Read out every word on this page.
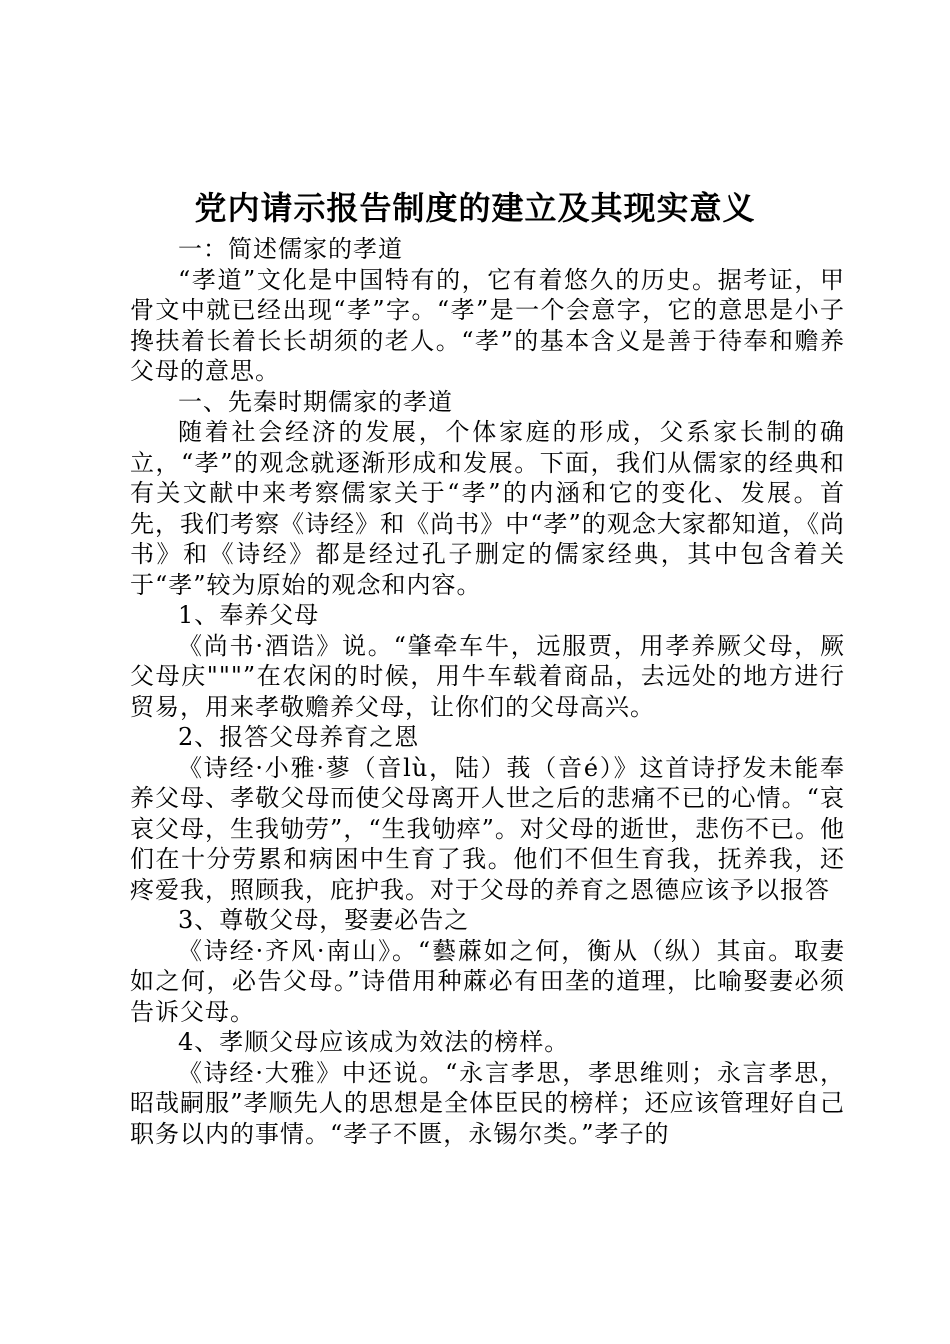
党内请示报告制度的建立及其现实意义

一：简述儒家的孝道

“孝道”文化是中国特有的，它有着悠久的历史。据考证，甲骨文中就已经出现“孝”字。“孝”是一个会意字，它的意思是小子搀扶着长着长长胡须的老人。“孝”的基本含义是善于待奉和赡养父母的意思。

一、先秦时期儒家的孝道

随着社会经济的发展，个体家庭的形成，父系家长制的确立，“孝”的观念就逐渐形成和发展。下面，我们从儒家的经典和有关文献中来考察儒家关于“孝”的内涵和它的变化、发展。首先，我们考察《诗经》和《尚书》中“孝”的观念大家都知道，《尚书》和《诗经》都是经过孔子删定的儒家经典，其中包含着关于“孝”较为原始的观念和内容。

1、奉养父母

《尚书·酒诰》说。“肇牵车牛，远服贾，用孝养厥父母，厥父母庆"""”在农闲的时候，用牛车载着商品，去远处的地方进行贸易，用来孝敬赡养父母，让你们的父母高兴。

2、报答父母养育之恩

《诗经·小雅·蓼（音lù，陆）莪（音é）》这首诗抒发未能奉养父母、孝敬父母而使父母离开人世之后的悲痛不已的心情。“哀哀父母，生我劬劳”，“生我劬瘁”。对父母的逝世，悲伤不已。他们在十分劳累和病困中生育了我。他们不但生育我，抚养我，还疼爱我，照顾我，庇护我。对于父母的养育之恩德应该予以报答

3、尊敬父母，娶妻必告之

《诗经·齐风·南山》。“藝蔴如之何，衡从（纵）其亩。取妻如之何，必告父母。”诗借用种蔴必有田垄的道理，比喻娶妻必须告诉父母。

4、孝顺父母应该成为效法的榜样。

《诗经·大雅》中还说。“永言孝思，孝思维则；永言孝思，昭哉嗣服”孝顺先人的思想是全体臣民的榜样；还应该管理好自己职务以内的事情。“孝子不匮，永锡尔类。”孝子的
